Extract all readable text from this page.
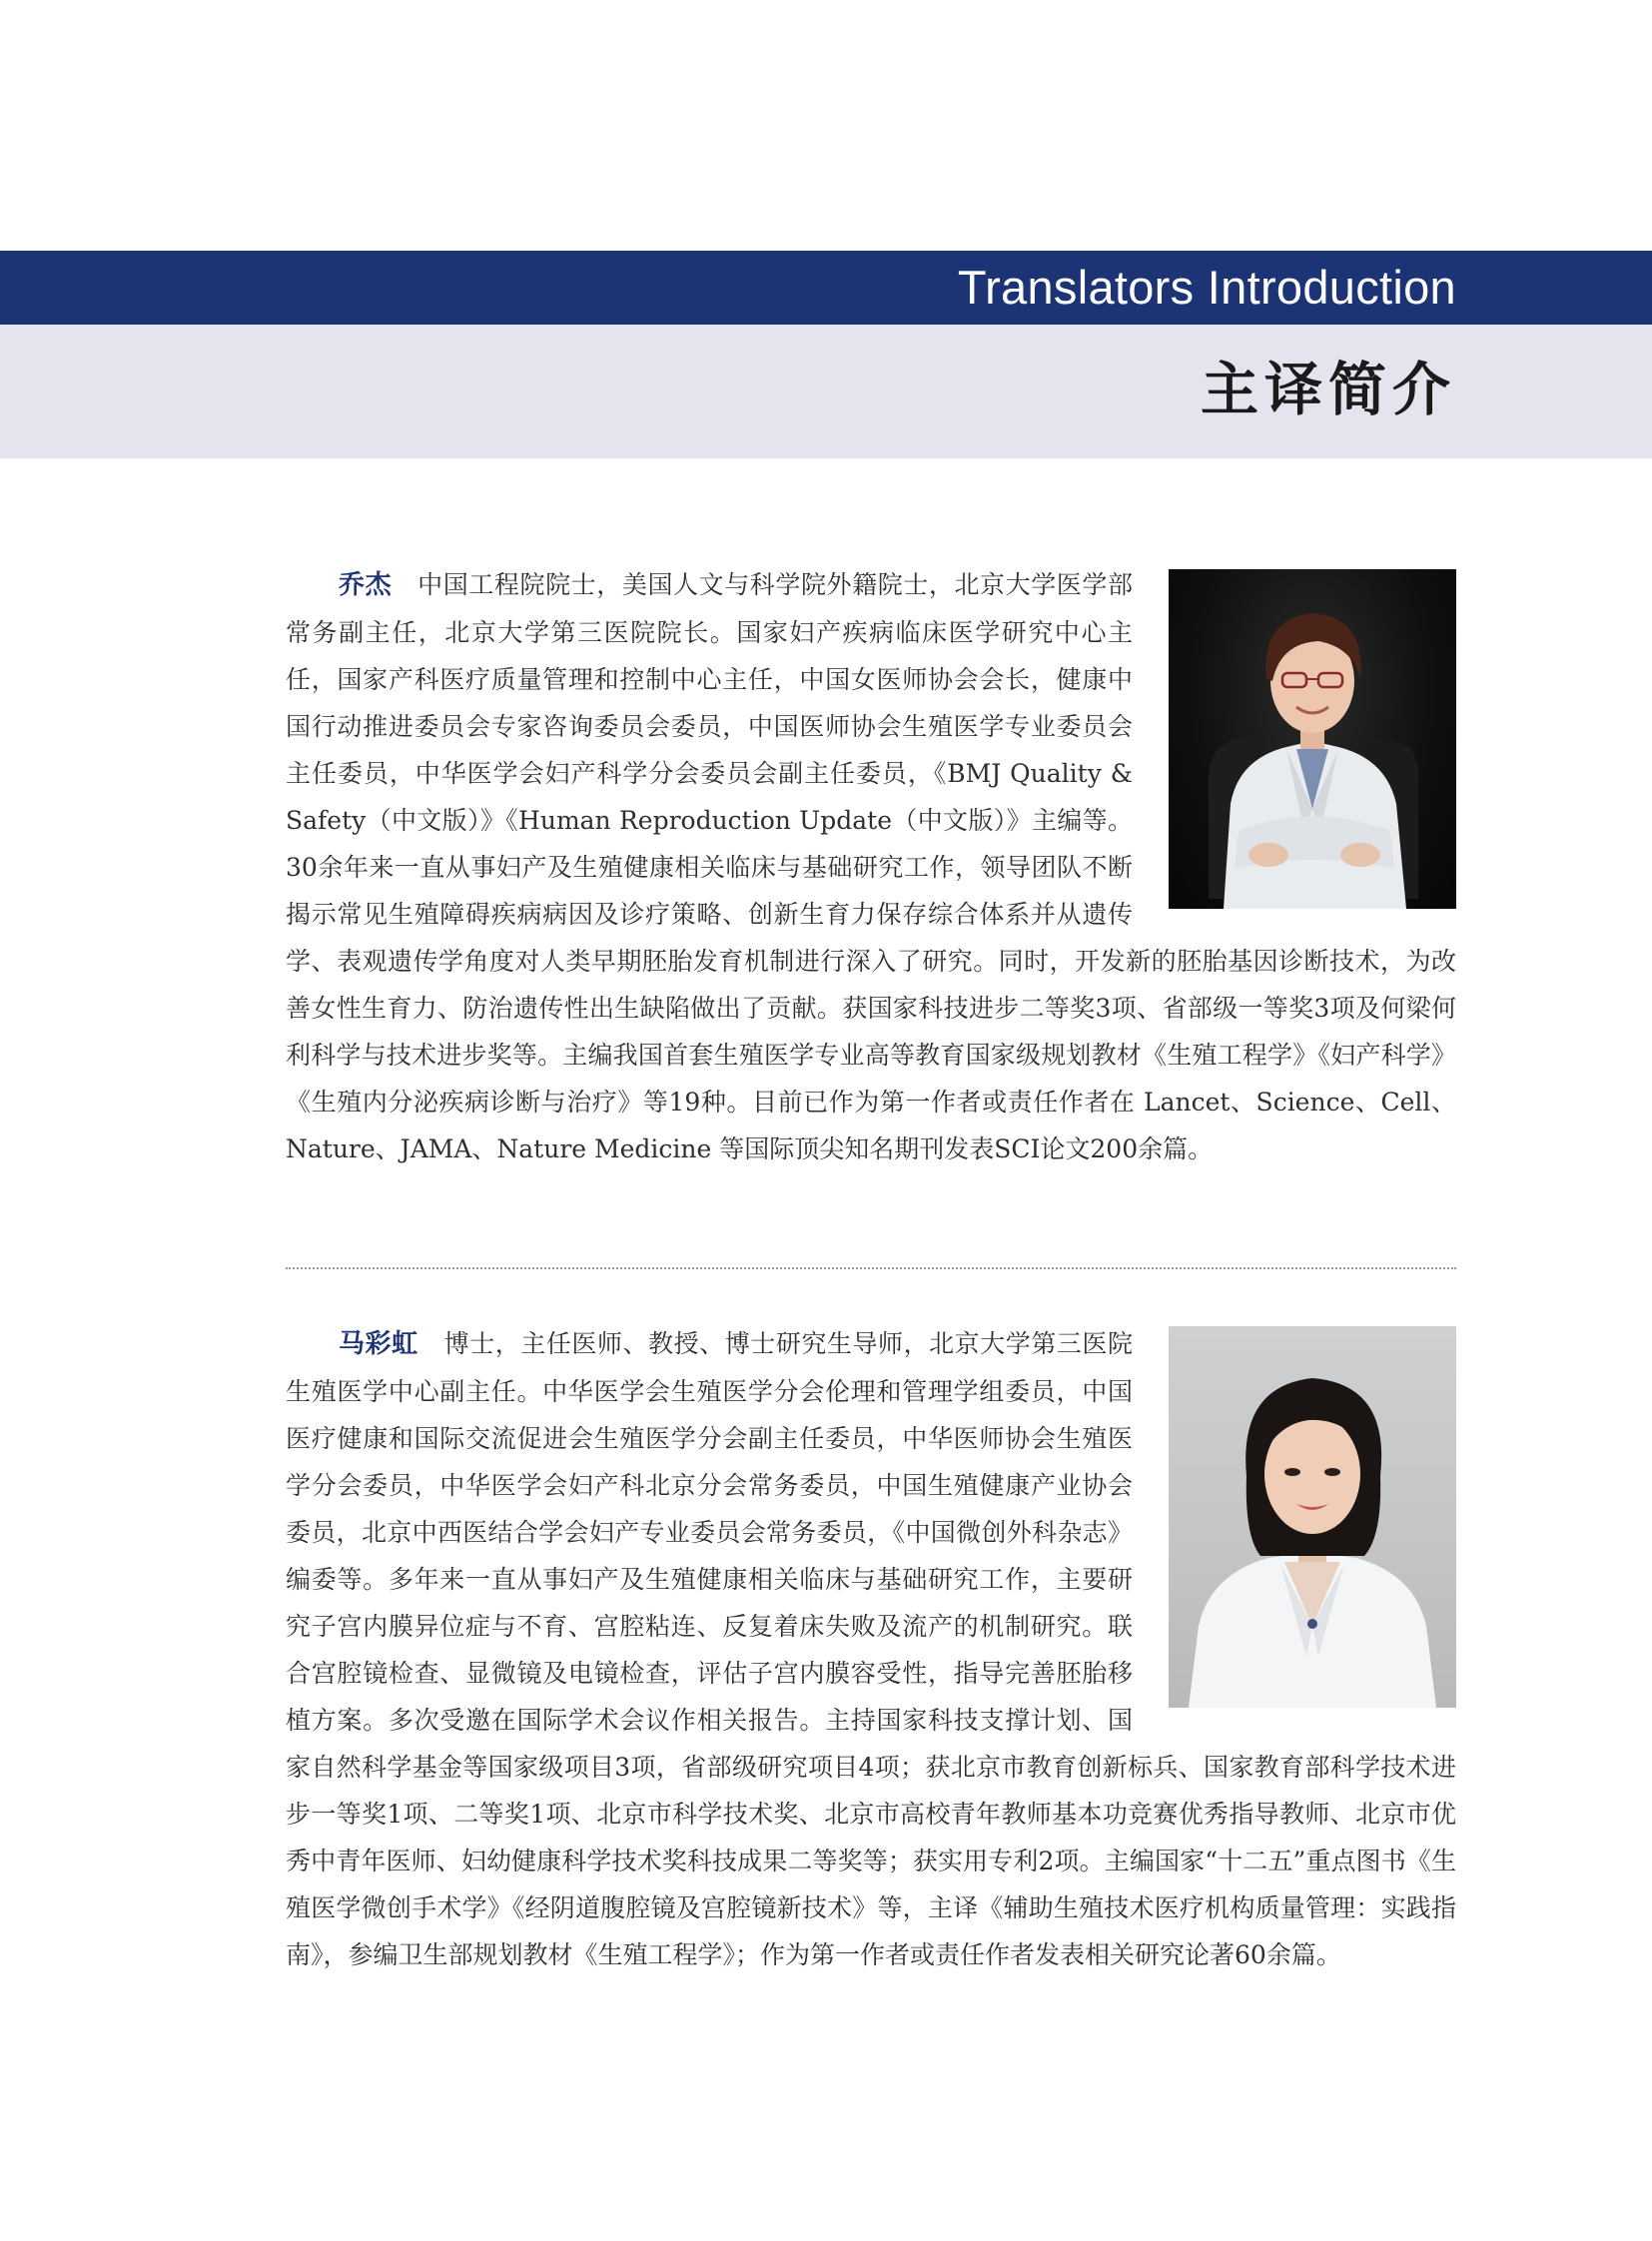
Translators Introduction
主译简介
乔杰 中国工程院院士，美国人文与科学院外籍院士，北京大学医学部常务副主任，北京大学第三医院院长。国家妇产疾病临床医学研究中心主任，国家产科医疗质量管理和控制中心主任，中国女医师协会会长，健康中国行动推进委员会专家咨询委员会委员，中国医师协会生殖医学专业委员会主任委员，中华医学会妇产科学分会委员会副主任委员，《BMJ Quality & Safety（中文版）》《Human Reproduction Update（中文版）》主编等。30余年来一直从事妇产及生殖健康相关临床与基础研究工作，领导团队不断揭示常见生殖障碍疾病病因及诊疗策略、创新生育力保存综合体系并从遗传学、表观遗传学角度对人类早期胚胎发育机制进行深入了研究。同时，开发新的胚胎基因诊断技术，为改善女性生育力、防治遗传性出生缺陷做出了贡献。获国家科技进步二等奖3项、省部级一等奖3项及何梁何利科学与技术进步奖等。主编我国首套生殖医学专业高等教育国家级规划教材《生殖工程学》《妇产科学》《生殖内分泌疾病诊断与治疗》等19种。目前已作为第一作者或责任作者在 Lancet、Science、Cell、Nature、JAMA、Nature Medicine 等国际顶尖知名期刊发表SCI论文200余篇。
马彩虹 博士，主任医师、教授、博士研究生导师，北京大学第三医院生殖医学中心副主任。中华医学会生殖医学分会伦理和管理学组委员，中国医疗健康和国际交流促进会生殖医学分会副主任委员，中华医师协会生殖医学分会委员，中华医学会妇产科北京分会常务委员，中国生殖健康产业协会委员，北京中西医结合学会妇产专业委员会常务委员，《中国微创外科杂志》编委等。多年来一直从事妇产及生殖健康相关临床与基础研究工作，主要研究子宫内膜异位症与不育、宫腔粘连、反复着床失败及流产的机制研究。联合宫腔镜检查、显微镜及电镜检查，评估子宫内膜容受性，指导完善胚胎移植方案。多次受邀在国际学术会议作相关报告。主持国家科技支撑计划、国家自然科学基金等国家级项目3项，省部级研究项目4项；获北京市教育创新标兵、国家教育部科学技术进步一等奖1项、二等奖1项、北京市科学技术奖、北京市高校青年教师基本功竞赛优秀指导教师、北京市优秀中青年医师、妇幼健康科学技术奖科技成果二等奖等；获实用专利2项。主编国家“十二五”重点图书《生殖医学微创手术学》《经阴道腹腔镜及宫腔镜新技术》等，主译《辅助生殖技术医疗机构质量管理：实践指南》，参编卫生部规划教材《生殖工程学》；作为第一作者或责任作者发表相关研究论著60余篇。
